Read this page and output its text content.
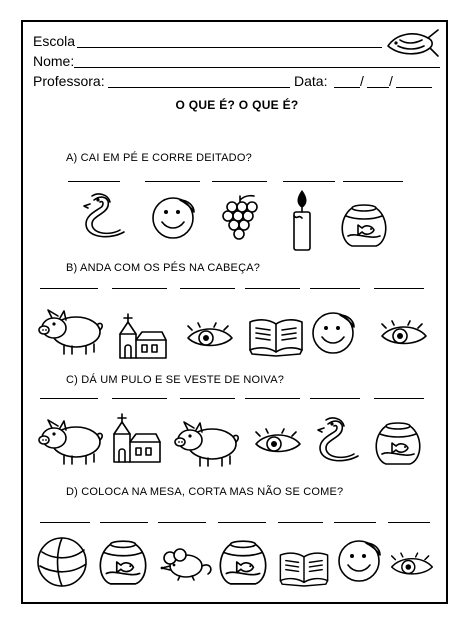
Escola
Nome:
Professora:	Data: / /
O QUE É? O QUE É?
A) CAI EM PÉ E CORRE DEITADO?
B) ANDA COM OS PÉS NA CABEÇA?
C) DÁ UM PULO E SE VESTE DE NOIVA?
D) COLOCA NA MESA, CORTA MAS NÃO SE COME?
